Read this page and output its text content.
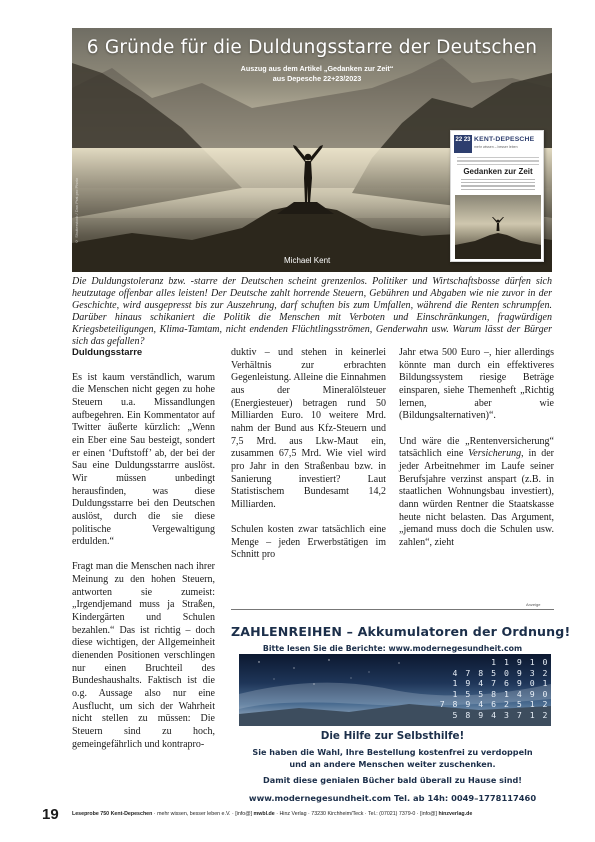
6 Gründe für die Duldungsstarre der Deutschen
Auszug aus dem Artikel „Gedanken zur Zeit“
aus Depesche 22+23/2023
© Shutterstock / Dan Prat pro Photo
Michael Kent
22 23 KENT-DEPESCHE
mehr wissen – besser leben
Gedanken zur Zeit
Die Duldungstoleranz bzw. -starre der Deutschen scheint grenzenlos. Politiker und Wirtschaftsbosse dürfen sich heutzutage offenbar alles leisten! Der Deutsche zahlt horrende Steuern, Gebühren und Abgaben wie nie zuvor in der Geschichte, wird ausgepresst bis zur Auszehrung, darf schuften bis zum Umfallen, während die Renten schrumpfen. Darüber hinaus schikaniert die Politik die Menschen mit Verboten und Einschränkungen, fragwürdigen Kriegsbeteiligungen, Klima-Tamtam, nicht endenden Flüchtlingsströmen, Genderwahn usw. Warum lässt der Bürger sich das gefallen?
Duldungsstarre

Es ist kaum verständlich, warum die Menschen nicht gegen zu hohe Steuern u.a. Missandlungen aufbegehren. Ein Kommentator auf Twitter äußerte kürzlich: „Wenn ein Eber eine Sau besteigt, sondert er einen ‘Duftstoff’ ab, der bei der Sau eine Duldungsstarrre auslöst. Wir müssen unbedingt herausfinden, was diese Duldungsstarre bei den Deutschen auslöst, durch die sie diese politische Vergewaltigung erdulden.“

Fragt man die Menschen nach ihrer Meinung zu den hohen Steuern, antworten sie zumeist: „Irgendjemand muss ja Straßen, Kindergärten und Schulen bezahlen.“ Das ist richtig – doch diese wichtigen, der Allgemeinheit dienenden Positionen verschlingen nur einen Bruchteil des Bundeshaushalts. Faktisch ist die o.g. Aussage also nur eine Ausflucht, um sich der Wahrheit nicht stellen zu müssen: Die Steuern sind zu hoch, gemeingefährlich und kontrapro-

duktiv – und stehen in keinerlei Verhältnis zur erbrachten Gegenleistung. Alleine die Einnahmen aus der Mineralölsteuer (Energiesteuer) betragen rund 50 Milliarden Euro. 10 weitere Mrd. nahm der Bund aus Kfz-Steuern und 7,5 Mrd. aus Lkw-Maut ein, zusammen 67,5 Mrd. Wie viel wird pro Jahr in den Straßenbau bzw. in Sanierung investiert? Laut Statistischem Bundesamt 14,2 Milliarden.

Schulen kosten zwar tatsächlich eine Menge – jeden Erwerbstätigen im Schnitt pro

Jahr etwa 500 Euro –, hier allerdings könnte man durch ein effektiveres Bildungssystem riesige Beträge einsparen, siehe Themenheft „Richtig lernen, aber wie (Bildungsalternativen)“.

Und wäre die „Rentenversicherung“ tatsächlich eine Versicherung, in der jeder Arbeitnehmer im Laufe seiner Berufsjahre verzinst anspart (z.B. in staatlichen Wohnungsbau investiert), dann würden Rentner die Staatskasse heute nicht belasten. Das Argument, „jemand muss doch die Schulen usw. zahlen“, zieht

Anzeige
ZAHLENREIHEN – Akkumulatoren der Ordnung!
Bitte lesen Sie die Berichte: www.modernegesundheit.com
1 1 9 1 0
4 7 8 5 0 9 3 2
1 9 4 7 6 9 0 1
1 5 5 8 1 4 9 0
7 8 9 4 6 2 5 1 2
5 8 9 4 3 7 1 2
Die Hilfe zur Selbsthilfe!
Sie haben die Wahl, Ihre Bestellung kostenfrei zu verdoppeln
und an andere Menschen weiter zuschenken.
Damit diese genialen Bücher bald überall zu Hause sind!
www.modernegesundheit.com Tel. ab 14h: 0049–1778117460
19	Leseprobe 750 Kent-Depeschen · mehr wissen, besser leben e.V. · [info@] mwbl.de · Hinz Verlag · 73230 Kirchheim/Teck · Tel.: (07021) 7379-0 · [info@] hinzverlag.de
